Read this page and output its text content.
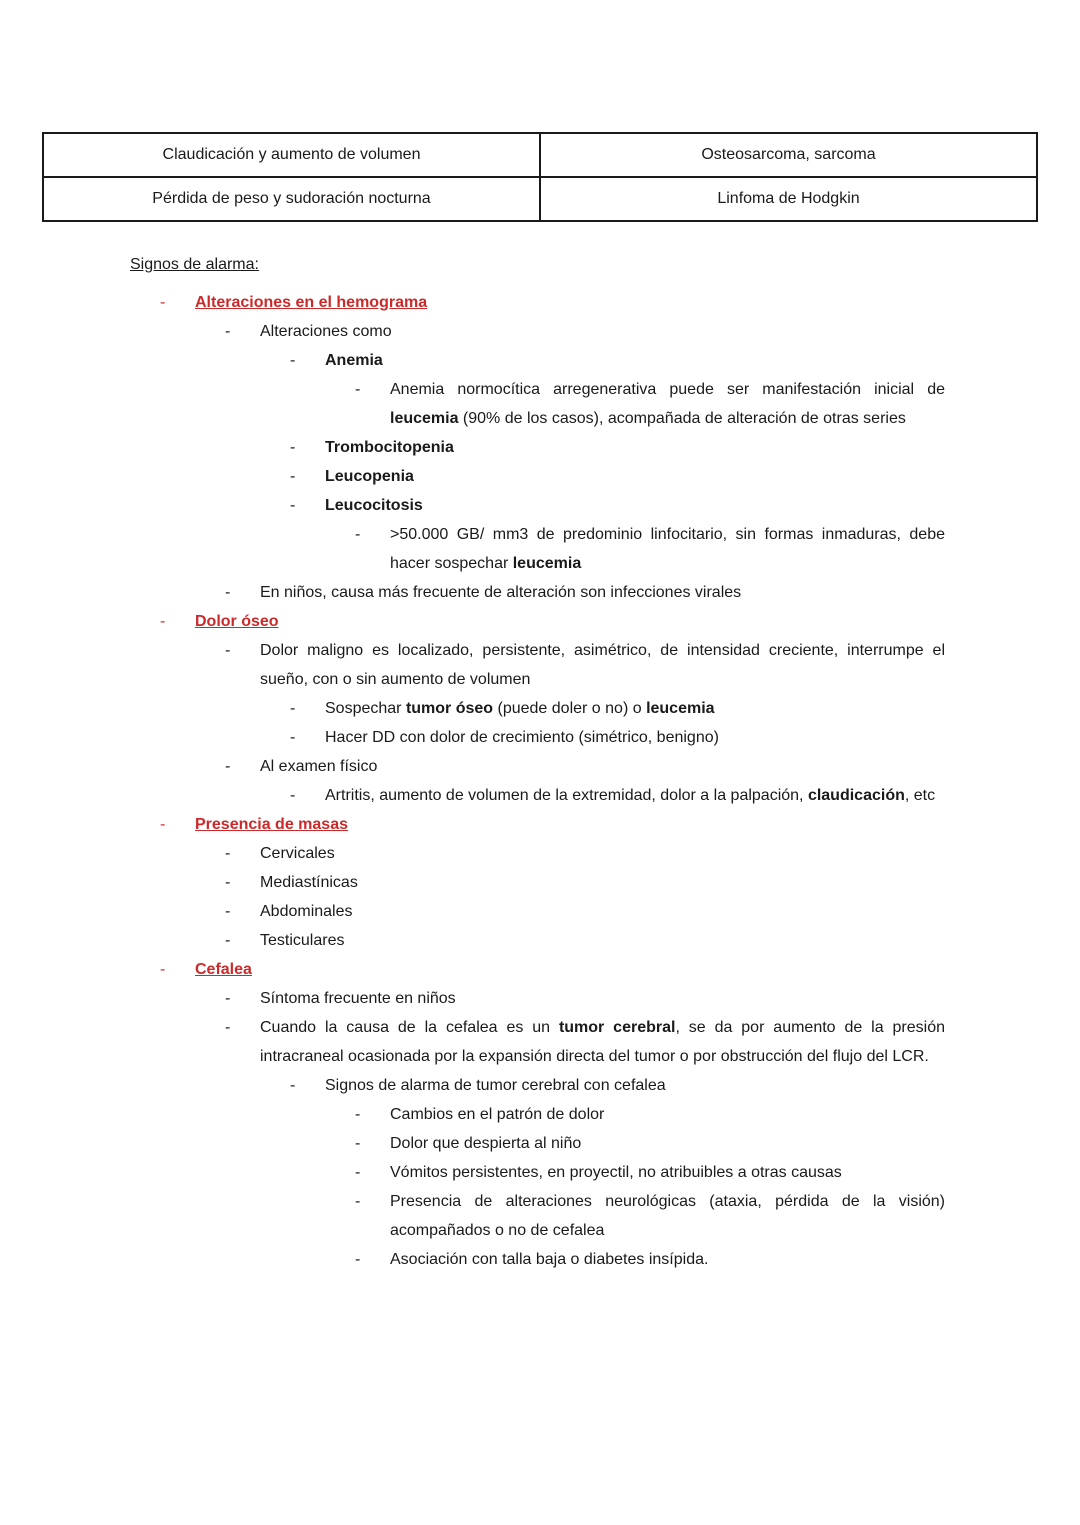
Claudicación y aumento de volumen	Osteosarcoma, sarcoma
Pérdida de peso y sudoración nocturna	Linfoma de Hodgkin
Signos de alarma:
-	Alteraciones en el hemograma
-	Alteraciones como
-	Anemia
-	Anemia normocítica arregenerativa puede ser manifestación inicial de leucemia (90% de los casos), acompañada de alteración de otras series
-	Trombocitopenia
-	Leucopenia
-	Leucocitosis
-	>50.000 GB/ mm3 de predominio linfocitario, sin formas inmaduras, debe hacer sospechar leucemia
-	En niños, causa más frecuente de alteración son infecciones virales
-	Dolor óseo
-	Dolor maligno es localizado, persistente, asimétrico, de intensidad creciente, interrumpe el sueño, con o sin aumento de volumen
-	Sospechar tumor óseo (puede doler o no) o leucemia
-	Hacer DD con dolor de crecimiento (simétrico, benigno)
-	Al examen físico
-	Artritis, aumento de volumen de la extremidad, dolor a la palpación, claudicación, etc
-	Presencia de masas
-	Cervicales
-	Mediastínicas
-	Abdominales
-	Testiculares
-	Cefalea
-	Síntoma frecuente en niños
-	Cuando la causa de la cefalea es un tumor cerebral, se da por aumento de la presión intracraneal ocasionada por la expansión directa del tumor o por obstrucción del flujo del LCR.
-	Signos de alarma de tumor cerebral con cefalea
-	Cambios en el patrón de dolor
-	Dolor que despierta al niño
-	Vómitos persistentes, en proyectil, no atribuibles a otras causas
-	Presencia de alteraciones neurológicas (ataxia, pérdida de la visión) acompañados o no de cefalea
-	Asociación con talla baja o diabetes insípida.
